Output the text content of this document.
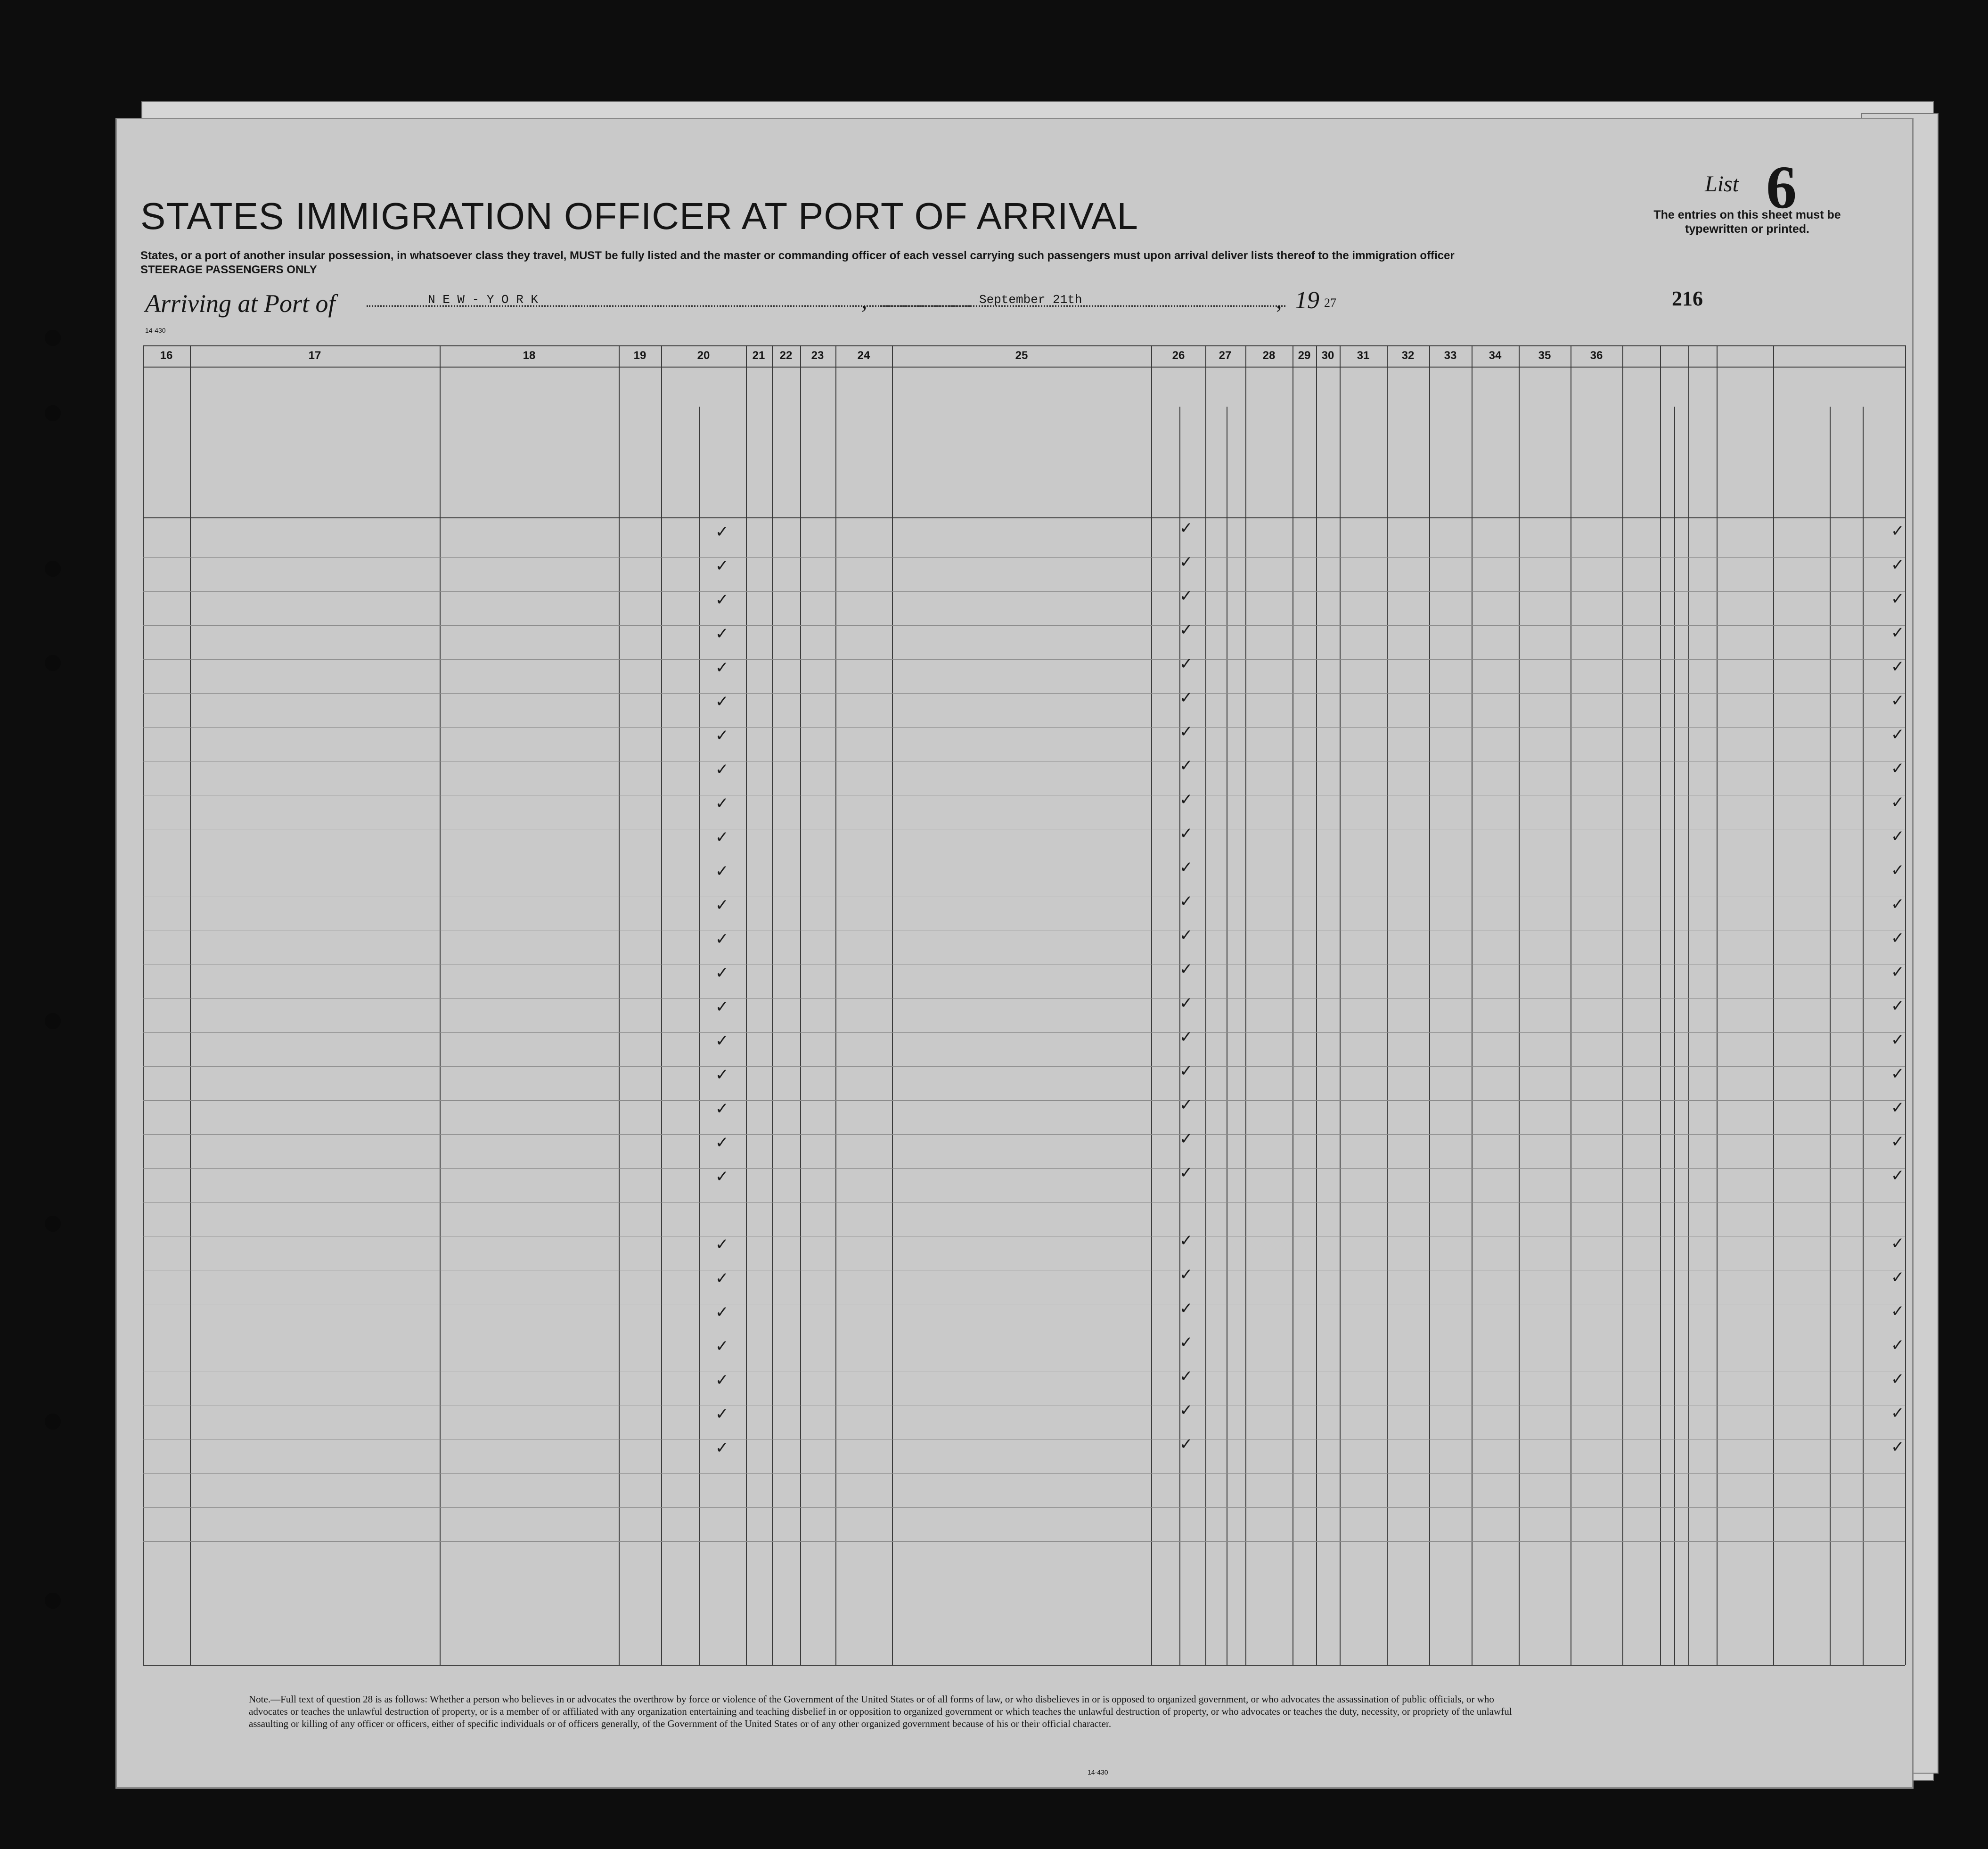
STATES IMMIGRATION OFFICER AT PORT OF ARRIVAL
States, or a port of another insular possession, in whatsoever class they travel, MUST be fully listed and the master or commanding officer of each vessel carrying such passengers must upon arrival deliver lists thereof to the immigration officer
STEERAGE PASSENGERS ONLY
Arriving at Port of	N E W - Y O R K	,	September 21th	, 19 27
14-430
List 6
The entries on this sheet must be typewritten or printed.
216
16	17	18	19	20	21 22 23	24	25	26	27	28 29 30 31	32	33	34	35	36
✓	✓	✓
✓	✓	✓
✓	✓	✓
✓	✓	✓
✓	✓	✓
✓	✓	✓
✓	✓	✓
✓	✓	✓
✓	✓	✓
✓	✓	✓
✓	✓	✓
✓	✓	✓
✓	✓	✓
✓	✓	✓
✓	✓	✓
✓	✓	✓
✓	✓	✓
✓	✓	✓
✓	✓	✓
✓	✓	✓
✓	✓	✓
✓	✓	✓
✓	✓	✓
✓	✓	✓
✓	✓	✓
✓	✓	✓
✓	✓	✓
Note.—Full text of question 28 is as follows: Whether a person who believes in or advocates the overthrow by force or violence of the Government of the United States or of all forms of law, or who disbelieves in or is opposed to organized government, or who advocates the assassination of public officials, or who advocates or teaches the unlawful destruction of property, or is a member of or affiliated with any organization entertaining and teaching disbelief in or opposition to organized government or which teaches the unlawful destruction of property, or who advocates or teaches the duty, necessity, or propriety of the unlawful assaulting or killing of any officer or officers, either of specific individuals or of officers generally, of the Government of the United States or of any other organized government because of his or their official character.
14-430
